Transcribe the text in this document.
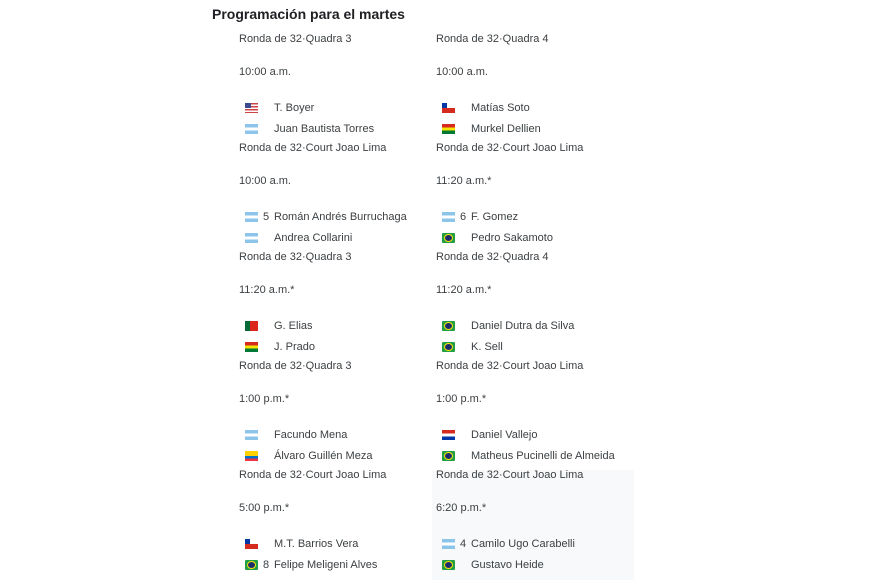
Programación para el martes
Ronda de 32·Quadra 3
10:00 a.m.
T. Boyer
Juan Bautista Torres
Ronda de 32·Quadra 4
10:00 a.m.
Matías Soto
Murkel Dellien
Ronda de 32·Court Joao Lima
10:00 a.m.
5 Román Andrés Burruchaga
Andrea Collarini
Ronda de 32·Court Joao Lima
11:20 a.m.*
6 F. Gomez
Pedro Sakamoto
Ronda de 32·Quadra 3
11:20 a.m.*
G. Elias
J. Prado
Ronda de 32·Quadra 4
11:20 a.m.*
Daniel Dutra da Silva
K. Sell
Ronda de 32·Quadra 3
1:00 p.m.*
Facundo Mena
Álvaro Guillén Meza
Ronda de 32·Court Joao Lima
1:00 p.m.*
Daniel Vallejo
Matheus Pucinelli de Almeida
Ronda de 32·Court Joao Lima
5:00 p.m.*
M.T. Barrios Vera
8 Felipe Meligeni Alves
Ronda de 32·Court Joao Lima
6:20 p.m.*
4 Camilo Ugo Carabelli
Gustavo Heide
